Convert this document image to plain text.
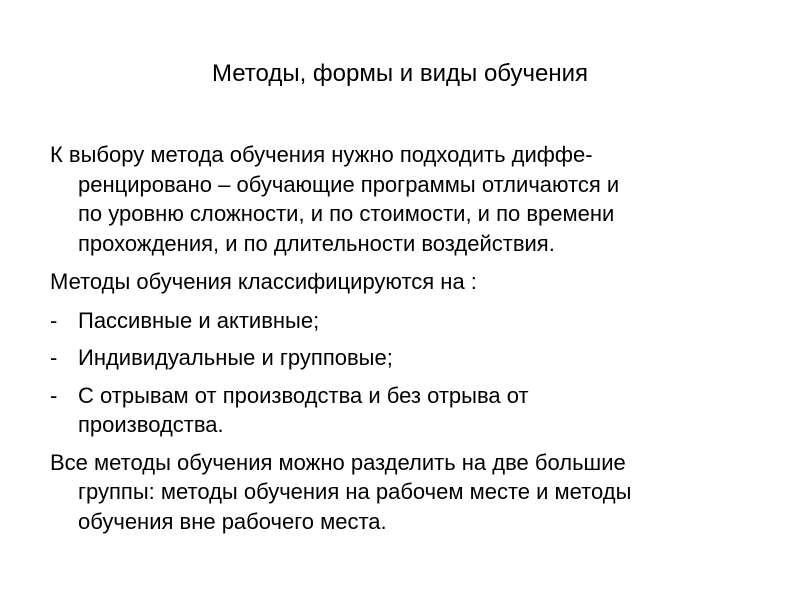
Методы, формы и виды обучения

К выбору метода обучения нужно подходить диффе-
ренцировано – обучающие программы отличаются и
по уровню сложности, и по стоимости, и по времени
прохождения, и по длительности воздействия.

Методы обучения классифицируются на :

- Пассивные и активные;
- Индивидуальные и групповые;
- С отрывам от производства и без отрыва от
производства.

Все методы обучения можно разделить на две большие
группы: методы обучения на рабочем месте и методы
обучения вне рабочего места.
